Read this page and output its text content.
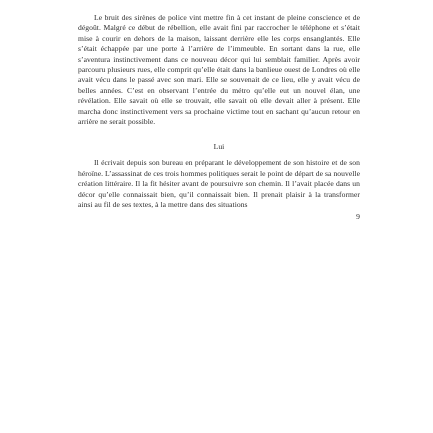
Le bruit des sirènes de police vint mettre fin à cet instant de pleine conscience et de dégoût. Malgré ce début de rébellion, elle avait fini par raccrocher le téléphone et s’était mise à courir en dehors de la maison, laissant derrière elle les corps ensanglantés. Elle s’était échappée par une porte à l’arrière de l’immeuble. En sortant dans la rue, elle s’aventura instinctivement dans ce nouveau décor qui lui semblait familier. Après avoir parcouru plusieurs rues, elle comprit qu’elle était dans la banlieue ouest de Londres où elle avait vécu dans le passé avec son mari. Elle se souvenait de ce lieu, elle y avait vécu de belles années. C’est en observant l’entrée du métro qu’elle eut un nouvel élan, une révélation. Elle savait où elle se trouvait, elle savait où elle devait aller à présent. Elle marcha donc instinctivement vers sa prochaine victime tout en sachant qu’aucun retour en arrière ne serait possible.

Lui

Il écrivait depuis son bureau en préparant le développement de son histoire et de son héroïne. L’assassinat de ces trois hommes politiques serait le point de départ de sa nouvelle création littéraire. Il la fit hésiter avant de poursuivre son chemin. Il l’avait placée dans un décor qu’elle connaissait bien, qu’il connaissait bien. Il prenait plaisir à la transformer ainsi au fil de ses textes, à la mettre dans des situations

9
